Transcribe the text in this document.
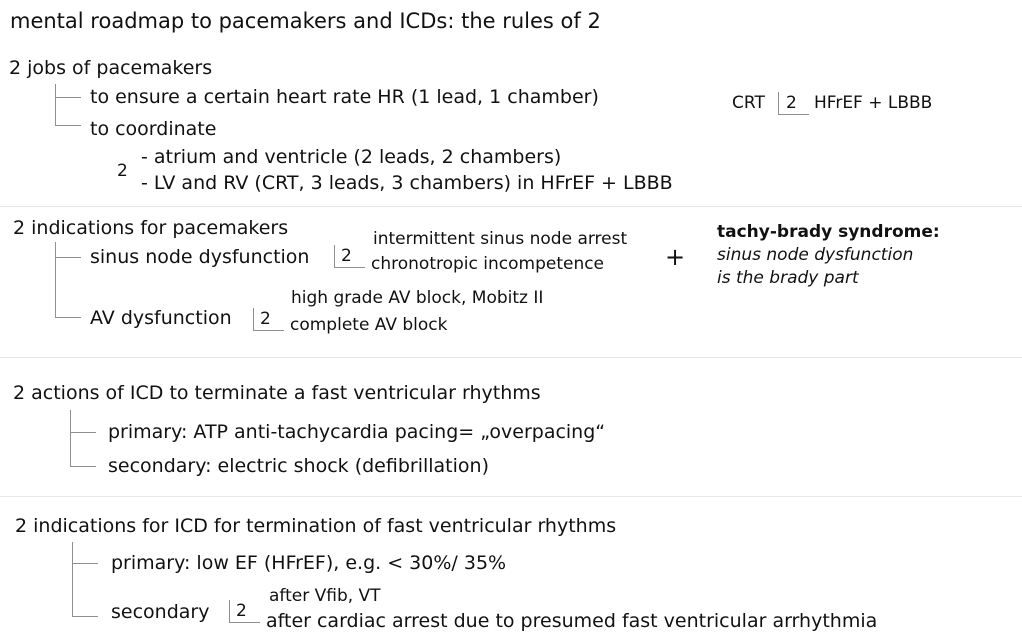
mental roadmap to pacemakers and ICDs: the rules of 2
2 jobs of pacemakers
to ensure a certain heart rate HR (1 lead, 1 chamber)
to coordinate
2
- atrium and ventricle (2 leads, 2 chambers)
- LV and RV (CRT, 3 leads, 3 chambers) in HFrEF + LBBB
CRT 2 HFrEF + LBBB
2 indications for pacemakers
sinus node dysfunction 2
intermittent sinus node arrest
chronotropic incompetence
AV dysfunction 2
high grade AV block, Mobitz II
complete AV block
+
tachy-brady syndrome:
sinus node dysfunction
is the brady part
2 actions of ICD to terminate a fast ventricular rhythms
primary: ATP anti-tachycardia pacing= „overpacing“
secondary: electric shock (defibrillation)
2 indications for ICD for termination of fast ventricular rhythms
primary: low EF (HFrEF), e.g. < 30%/ 35%
secondary 2
after Vfib, VT
after cardiac arrest due to presumed fast ventricular arrhythmia
